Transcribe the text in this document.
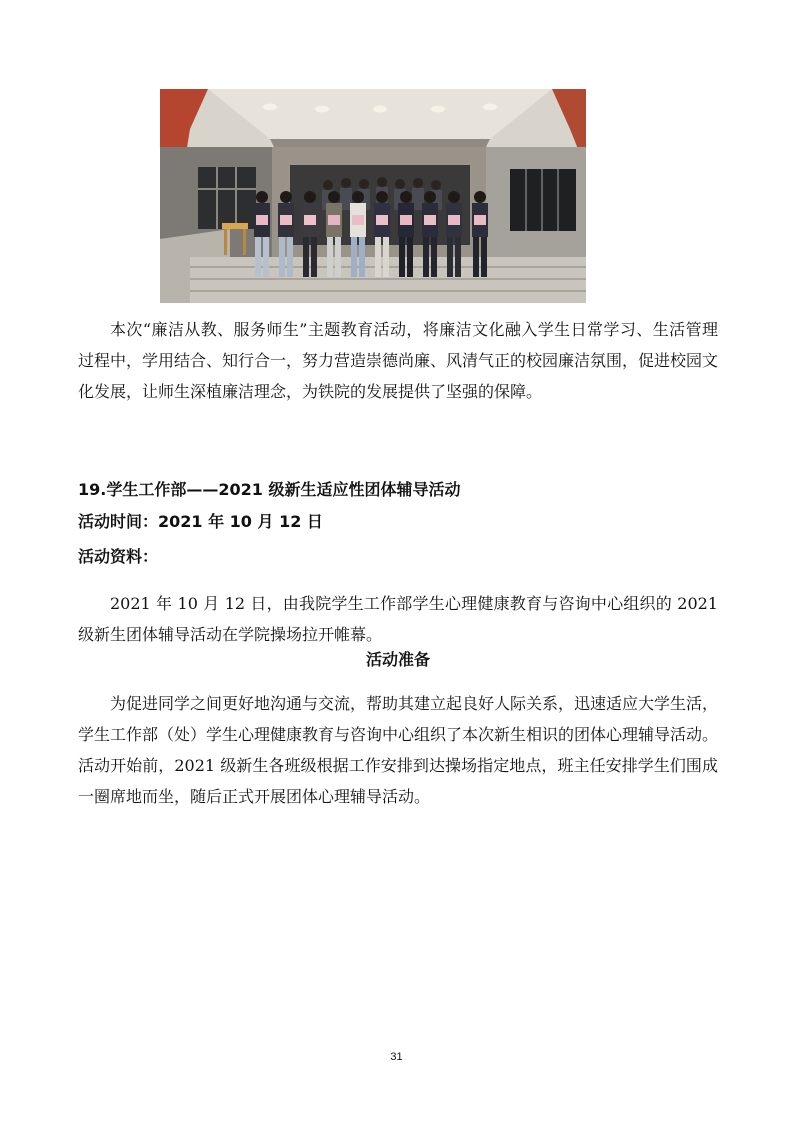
本次“廉洁从教、服务师生”主题教育活动，将廉洁文化融入学生日常学习、生活管理过程中，学用结合、知行合一，努力营造崇德尚廉、风清气正的校园廉洁氛围，促进校园文化发展，让师生深植廉洁理念，为铁院的发展提供了坚强的保障。

19.学生工作部——2021 级新生适应性团体辅导活动

活动时间：2021 年 10 月 12 日

活动资料：

2021 年 10 月 12 日，由我院学生工作部学生心理健康教育与咨询中心组织的 2021 级新生团体辅导活动在学院操场拉开帷幕。

活动准备

为促进同学之间更好地沟通与交流，帮助其建立起良好人际关系，迅速适应大学生活，学生工作部（处）学生心理健康教育与咨询中心组织了本次新生相识的团体心理辅导活动。活动开始前，2021 级新生各班级根据工作安排到达操场指定地点，班主任安排学生们围成一圈席地而坐，随后正式开展团体心理辅导活动。

31
